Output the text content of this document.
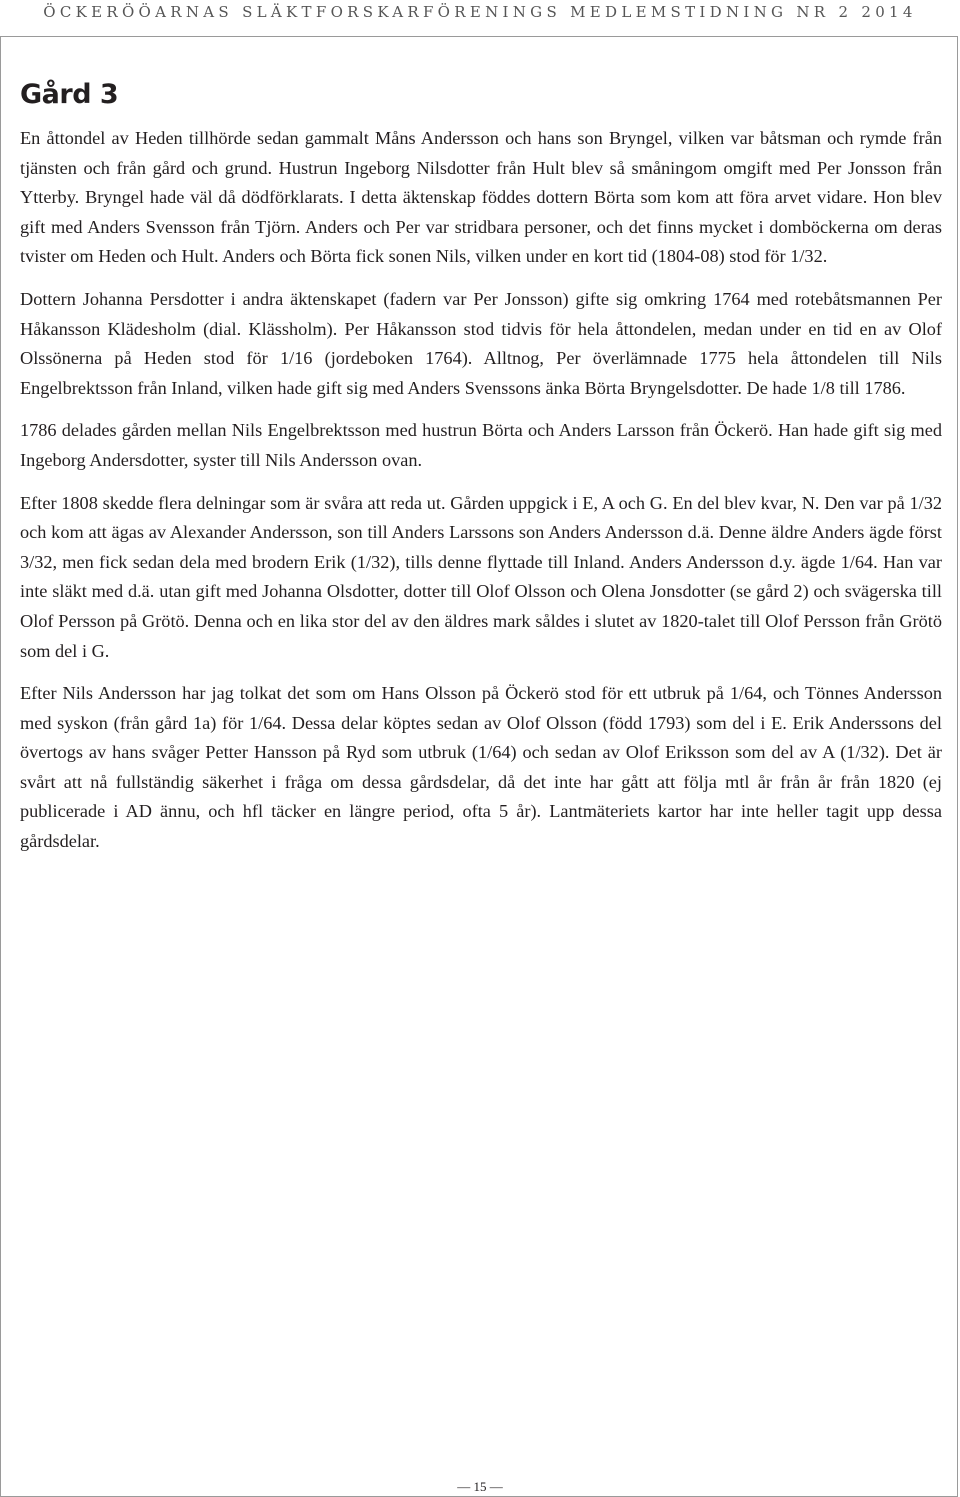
ÖCKERÖÖARNAS SLÄKTFORSKARFÖRENINGS MEDLEMSTIDNING NR 2 2014
Gård 3

En åttondel av Heden tillhörde sedan gammalt Måns Andersson och hans son Bryngel, vilken var båtsman och rymde från tjänsten och från gård och grund. Hustrun Ingeborg Nilsdotter från Hult blev så småningom omgift med Per Jonsson från Ytterby. Bryngel hade väl då dödförklarats. I detta äktenskap föddes dottern Börta som kom att föra arvet vidare. Hon blev gift med Anders Svensson från Tjörn. Anders och Per var stridbara personer, och det finns mycket i domböckerna om deras tvister om Heden och Hult. Anders och Börta fick sonen Nils, vilken under en kort tid (1804-08) stod för 1/32.

Dottern Johanna Persdotter i andra äktenskapet (fadern var Per Jonsson) gifte sig omkring 1764 med rotebåtsmannen Per Håkansson Klädesholm (dial. Klässholm). Per Håkansson stod tidvis för hela åttondelen, medan under en tid en av Olof Olssönerna på Heden stod för 1/16 (jordeboken 1764). Alltnog, Per överlämnade 1775 hela åttondelen till Nils Engelbrektsson från Inland, vilken hade gift sig med Anders Svenssons änka Börta Bryngelsdotter. De hade 1/8 till 1786.

1786 delades gården mellan Nils Engelbrektsson med hustrun Börta och Anders Larsson från Öckerö. Han hade gift sig med Ingeborg Andersdotter, syster till Nils Andersson ovan.

Efter 1808 skedde flera delningar som är svåra att reda ut. Gården uppgick i E, A och G. En del blev kvar, N. Den var på 1/32 och kom att ägas av Alexander Andersson, son till Anders Larssons son Anders Andersson d.ä. Denne äldre Anders ägde först 3/32, men fick sedan dela med brodern Erik (1/32), tills denne flyttade till Inland. Anders Andersson d.y. ägde 1/64. Han var inte släkt med d.ä. utan gift med Johanna Olsdotter, dotter till Olof Olsson och Olena Jonsdotter (se gård 2) och svägerska till Olof Persson på Grötö. Denna och en lika stor del av den äldres mark såldes i slutet av 1820-talet till Olof Persson från Grötö som del i G.

Efter Nils Andersson har jag tolkat det som om Hans Olsson på Öckerö stod för ett utbruk på 1/64, och Tönnes Andersson med syskon (från gård 1a) för 1/64. Dessa delar köptes sedan av Olof Olsson (född 1793) som del i E. Erik Anderssons del övertogs av hans svåger Petter Hansson på Ryd som utbruk (1/64) och sedan av Olof Eriksson som del av A (1/32). Det är svårt att nå fullständig säkerhet i fråga om dessa gårdsdelar, då det inte har gått att följa mtl år från år från 1820 (ej publicerade i AD ännu, och hfl täcker en längre period, ofta 5 år). Lantmäteriets kartor har inte heller tagit upp dessa gårdsdelar.

— 15 —
